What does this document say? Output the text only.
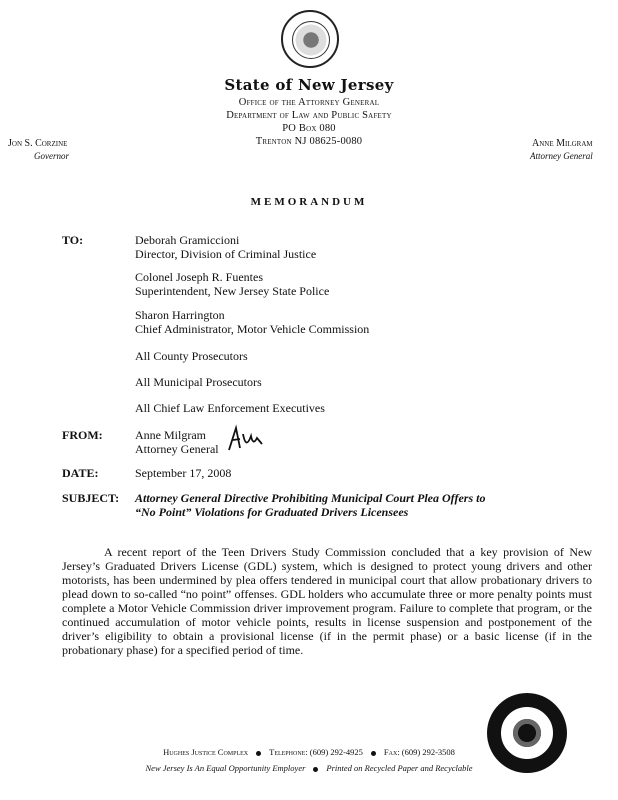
State of New Jersey
Office of the Attorney General
Department of Law and Public Safety
PO Box 080
Trenton NJ 08625-0080
Jon S. Corzine
Governor
Anne Milgram
Attorney General
MEMORANDUM
TO:	Deborah Gramiccioni
Director, Division of Criminal Justice
Colonel Joseph R. Fuentes
Superintendent, New Jersey State Police
Sharon Harrington
Chief Administrator, Motor Vehicle Commission
All County Prosecutors
All Municipal Prosecutors
All Chief Law Enforcement Executives
FROM:	Anne Milgram
Attorney General
DATE:	September 17, 2008
SUBJECT: Attorney General Directive Prohibiting Municipal Court Plea Offers to
“No Point” Violations for Graduated Drivers Licensees
A recent report of the Teen Drivers Study Commission concluded that a key provision of New Jersey’s Graduated Drivers License (GDL) system, which is designed to protect young drivers and other motorists, has been undermined by plea offers tendered in municipal court that allow probationary drivers to plead down to so-called “no point” offenses. GDL holders who accumulate three or more penalty points must complete a Motor Vehicle Commission driver improvement program. Failure to complete that program, or the continued accumulation of motor vehicle points, results in license suspension and postponement of the driver’s eligibility to obtain a provisional license (if in the permit phase) or a basic license (if in the probationary phase) for a specified period of time.
Hughes Justice Complex Telephone: (609) 292-4925 Fax: (609) 292-3508
New Jersey Is An Equal Opportunity Employer Printed on Recycled Paper and Recyclable
